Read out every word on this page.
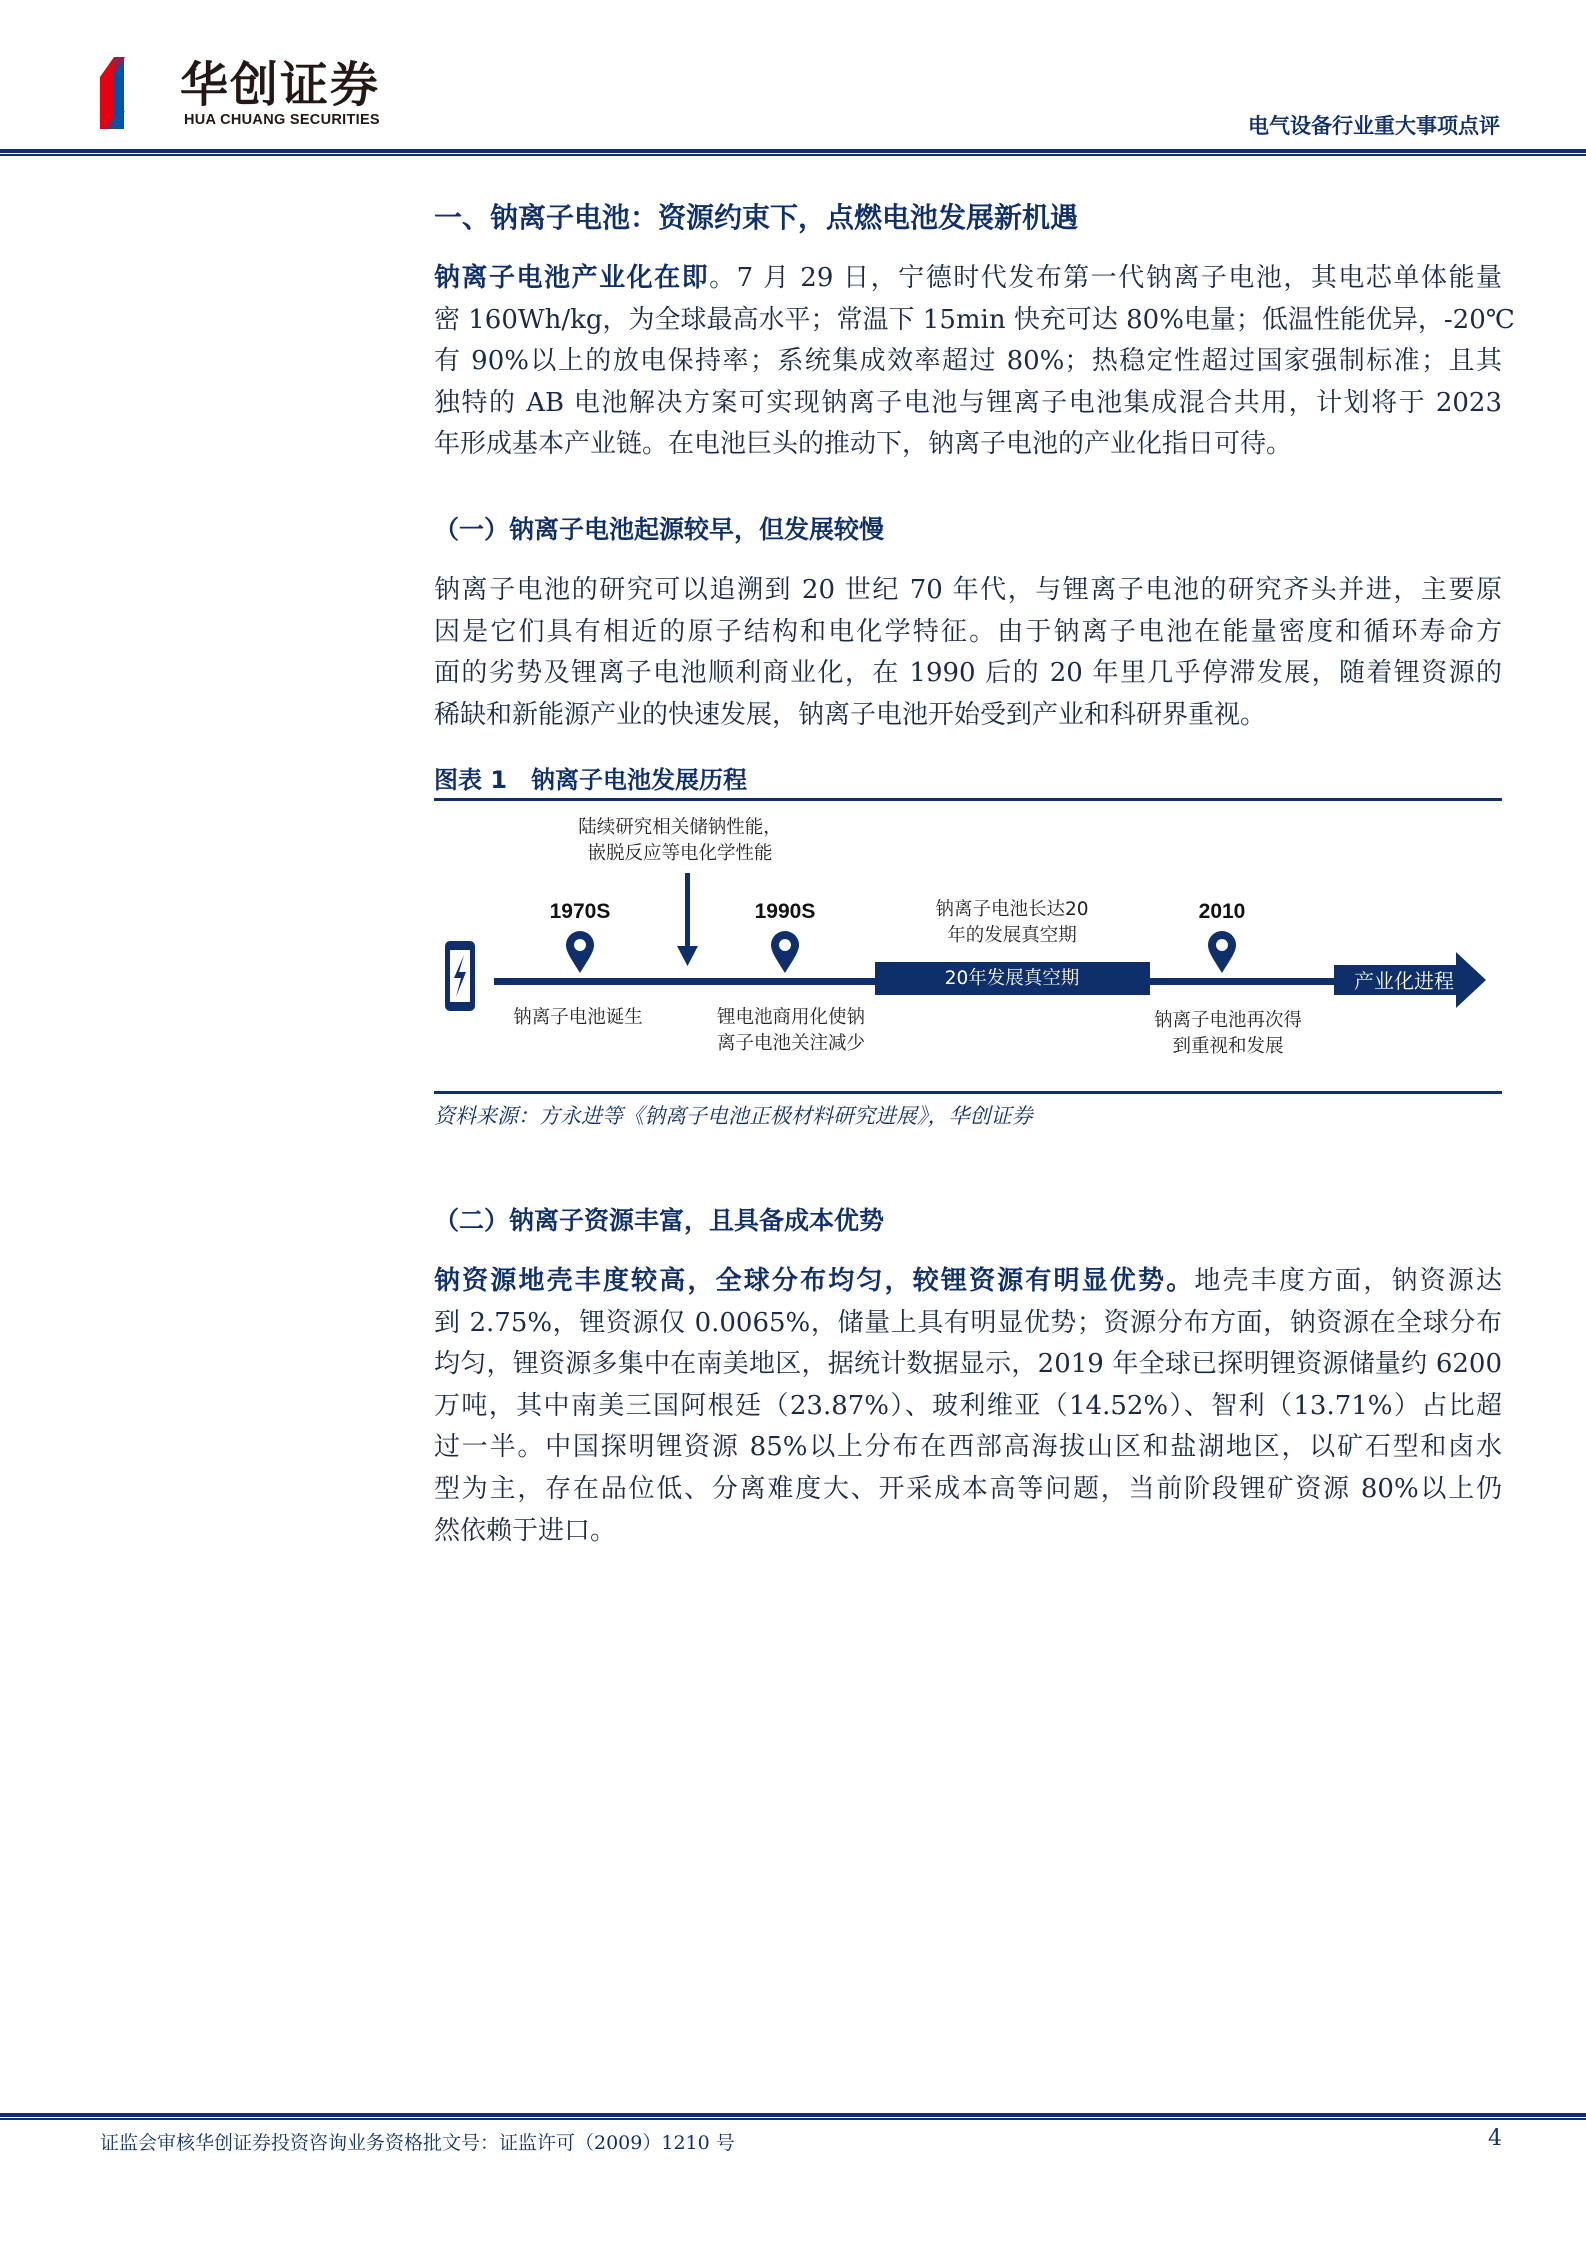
华创证券
HUA CHUANG SECURITIES	电气设备行业重大事项点评
一、钠离子电池：资源约束下，点燃电池发展新机遇
钠离子电池产业化在即。7 月 29 日，宁德时代发布第一代钠离子电池，其电芯单体能量
密 160Wh/kg，为全球最高水平；常温下 15min 快充可达 80%电量；低温性能优异，-20℃
有 90%以上的放电保持率；系统集成效率超过 80%；热稳定性超过国家强制标准；且其
独特的 AB 电池解决方案可实现钠离子电池与锂离子电池集成混合共用，计划将于 2023
年形成基本产业链。在电池巨头的推动下，钠离子电池的产业化指日可待。
（一）钠离子电池起源较早，但发展较慢
钠离子电池的研究可以追溯到 20 世纪 70 年代，与锂离子电池的研究齐头并进，主要原
因是它们具有相近的原子结构和电化学特征。由于钠离子电池在能量密度和循环寿命方
面的劣势及锂离子电池顺利商业化，在 1990 后的 20 年里几乎停滞发展，随着锂资源的
稀缺和新能源产业的快速发展，钠离子电池开始受到产业和科研界重视。
图表 1　钠离子电池发展历程
陆续研究相关储钠性能，
嵌脱反应等电化学性能
1970S	1990S	2010
钠离子电池长达20
年的发展真空期
20年发展真空期	产业化进程
钠离子电池诞生	锂电池商用化使钠
离子电池关注减少
钠离子电池再次得
到重视和发展
资料来源：方永进等《钠离子电池正极材料研究进展》，华创证券
（二）钠离子资源丰富，且具备成本优势
钠资源地壳丰度较高，全球分布均匀，较锂资源有明显优势。地壳丰度方面，钠资源达
到 2.75%，锂资源仅 0.0065%，储量上具有明显优势；资源分布方面，钠资源在全球分布
均匀，锂资源多集中在南美地区，据统计数据显示，2019 年全球已探明锂资源储量约 6200
万吨，其中南美三国阿根廷（23.87%）、玻利维亚（14.52%）、智利（13.71%）占比超
过一半。中国探明锂资源 85%以上分布在西部高海拔山区和盐湖地区，以矿石型和卤水
型为主，存在品位低、分离难度大、开采成本高等问题，当前阶段锂矿资源 80%以上仍
然依赖于进口。
证监会审核华创证券投资咨询业务资格批文号：证监许可（2009）1210 号	4
